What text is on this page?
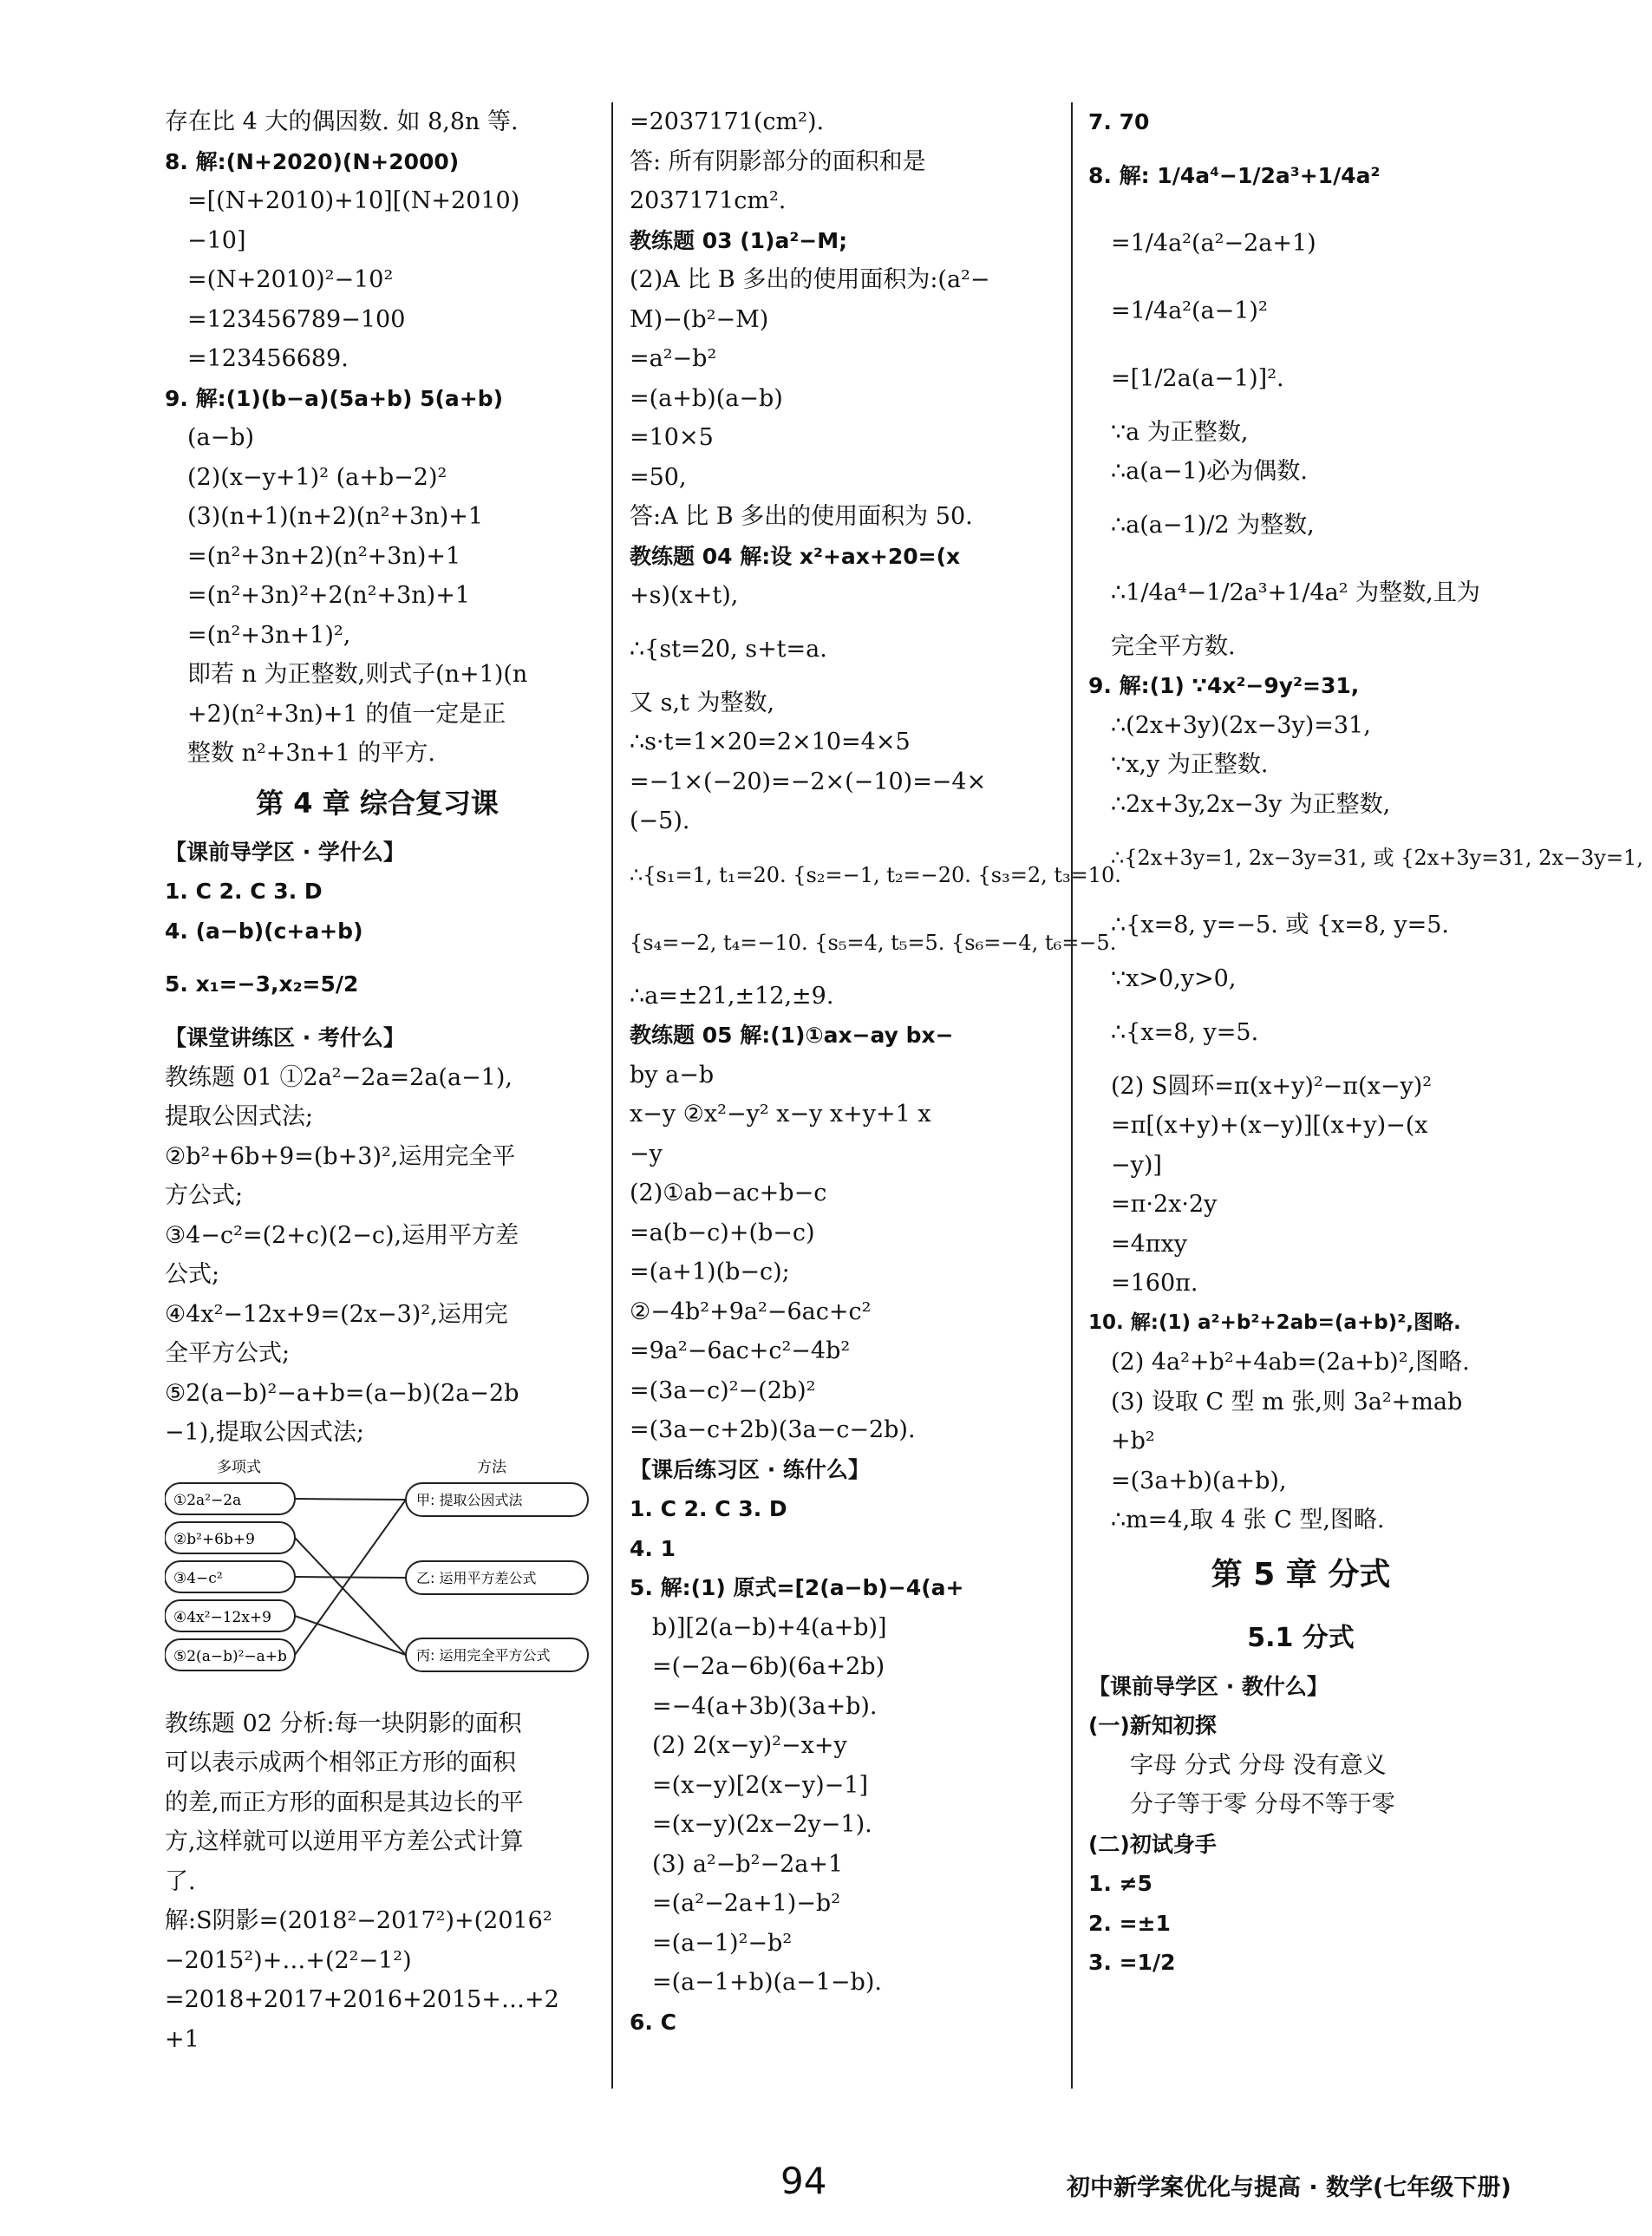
存在比 4 大的偶因数. 如 8,8n 等.
8. 解:(N+2020)(N+2000)
=[(N+2010)+10][(N+2010)
−10]
=(N+2010)²−10²
=123456789−100
=123456689.
9. 解:(1)(b−a)(5a+b) 5(a+b)
(a−b)
(2)(x−y+1)² (a+b−2)²
(3)(n+1)(n+2)(n²+3n)+1
=(n²+3n+2)(n²+3n)+1
=(n²+3n)²+2(n²+3n)+1
=(n²+3n+1)²,
即若 n 为正整数,则式子(n+1)(n
+2)(n²+3n)+1 的值一定是正
整数 n²+3n+1 的平方.
第 4 章 综合复习课
【课前导学区 · 学什么】
1. C 2. C 3. D
4. (a−b)(c+a+b)
5. x₁=−3,x₂=5/2
【课堂讲练区 · 考什么】
教练题 01 ①2a²−2a=2a(a−1),
提取公因式法;
②b²+6b+9=(b+3)²,运用完全平
方公式;
③4−c²=(2+c)(2−c),运用平方差
公式;
④4x²−12x+9=(2x−3)²,运用完
全平方公式;
⑤2(a−b)²−a+b=(a−b)(2a−2b
−1),提取公因式法;
多项式	方法
①2a²−2a
②b²+6b+9
③4−c²
④4x²−12x+9
⑤2(a−b)²−a+b
甲: 提取公因式法
乙: 运用平方差公式
丙: 运用完全平方公式
教练题 02 分析:每一块阴影的面积
可以表示成两个相邻正方形的面积
的差,而正方形的面积是其边长的平
方,这样就可以逆用平方差公式计算
了.
解:S阴影=(2018²−2017²)+(2016²
−2015²)+…+(2²−1²)
=2018+2017+2016+2015+…+2
+1
=2037171(cm²).
答: 所有阴影部分的面积和是
2037171cm².
教练题 03 (1)a²−M;
(2)A 比 B 多出的使用面积为:(a²−
M)−(b²−M)
=a²−b²
=(a+b)(a−b)
=10×5
=50,
答:A 比 B 多出的使用面积为 50.
教练题 04 解:设 x²+ax+20=(x
+s)(x+t),
∴{st=20, s+t=a.
又 s,t 为整数,
∴s·t=1×20=2×10=4×5
=−1×(−20)=−2×(−10)=−4×
(−5).
∴{s₁=1, t₁=20. {s₂=−1, t₂=−20. {s₃=2, t₃=10.
{s₄=−2, t₄=−10. {s₅=4, t₅=5. {s₆=−4, t₆=−5.
∴a=±21,±12,±9.
教练题 05 解:(1)①ax−ay bx−
by a−b
x−y ②x²−y² x−y x+y+1 x
−y
(2)①ab−ac+b−c
=a(b−c)+(b−c)
=(a+1)(b−c);
②−4b²+9a²−6ac+c²
=9a²−6ac+c²−4b²
=(3a−c)²−(2b)²
=(3a−c+2b)(3a−c−2b).
【课后练习区 · 练什么】
1. C 2. C 3. D
4. 1
5. 解:(1) 原式=[2(a−b)−4(a+
b)][2(a−b)+4(a+b)]
=(−2a−6b)(6a+2b)
=−4(a+3b)(3a+b).
(2) 2(x−y)²−x+y
=(x−y)[2(x−y)−1]
=(x−y)(2x−2y−1).
(3) a²−b²−2a+1
=(a²−2a+1)−b²
=(a−1)²−b²
=(a−1+b)(a−1−b).
6. C
7. 70
8. 解: 1/4a⁴−1/2a³+1/4a²
=1/4a²(a²−2a+1)
=1/4a²(a−1)²
=[1/2a(a−1)]².
∵a 为正整数,
∴a(a−1)必为偶数.
∴a(a−1)/2 为整数,
∴1/4a⁴−1/2a³+1/4a² 为整数,且为
完全平方数.
9. 解:(1) ∵4x²−9y²=31,
∴(2x+3y)(2x−3y)=31,
∵x,y 为正整数.
∴2x+3y,2x−3y 为正整数,
∴{2x+3y=1, 2x−3y=31, 或 {2x+3y=31, 2x−3y=1,
∴{x=8, y=−5. 或 {x=8, y=5.
∵x>0,y>0,
∴{x=8, y=5.
(2) S圆环=π(x+y)²−π(x−y)²
=π[(x+y)+(x−y)][(x+y)−(x
−y)]
=π·2x·2y
=4πxy
=160π.
10. 解:(1) a²+b²+2ab=(a+b)²,图略.
(2) 4a²+b²+4ab=(2a+b)²,图略.
(3) 设取 C 型 m 张,则 3a²+mab
+b²
=(3a+b)(a+b),
∴m=4,取 4 张 C 型,图略.
第 5 章 分式
5.1 分式
【课前导学区 · 教什么】
(一)新知初探
字母 分式 分母 没有意义
分子等于零 分母不等于零
(二)初试身手
1. ≠5
2. =±1
3. =1/2
94	初中新学案优化与提高 · 数学(七年级下册)
